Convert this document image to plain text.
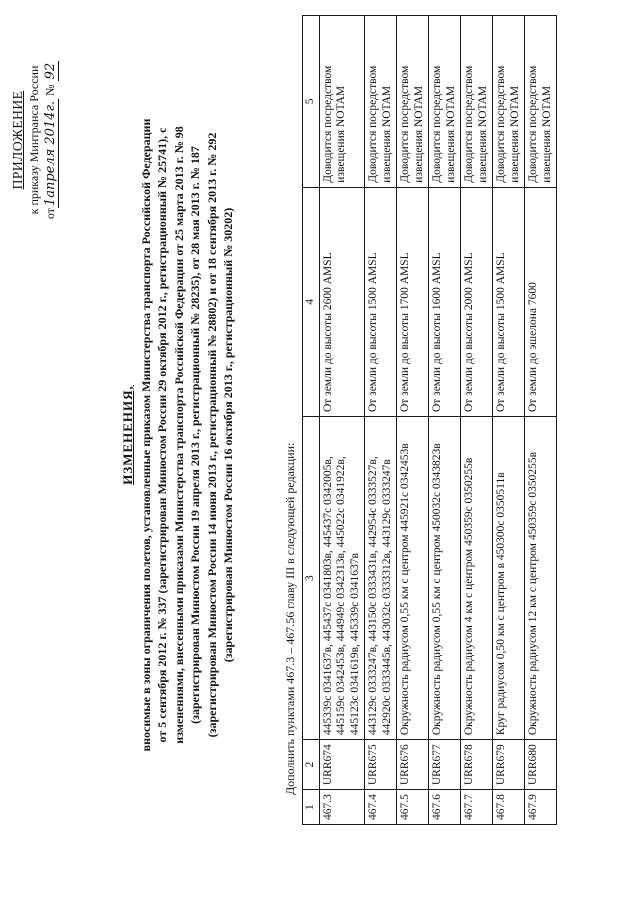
ПРИЛОЖЕНИЕ к приказу Минтранса России от1апреля 2014г. № 92
ИЗМЕНЕНИЯ, вносимые в зоны ограничения полетов, установленные приказом Министерства транспорта Российской Федерации от 5 сентября 2012 г. № 337 (зарегистрирован Минюстом России 29 октября 2012 г., регистрационный № 25741), с изменениями, внесенными приказами Министерства транспорта Российской Федерации от 25 марта 2013 г. № 98 (зарегистрирован Минюстом России 19 апреля 2013 г., регистрационный № 28235), от 28 мая 2013 г. № 187 (зарегистрирован Минюстом России 14 июня 2013 г., регистрационный № 28802) и от 18 сентября 2013 г. № 292 (зарегистрирован Минюстом России 16 октября 2013 г., регистрационный № 30202)	Дополнить пунктами 467.3 – 467.56 главу III в следующей редакции:
1	2	3	4	5
467.3	URR674	445339с 0341637в, 445437с 0341803в, 445437с 0342005в, 445159с 0342453в, 444949с 0342313в, 445022с 0341922в, 445123с 0341619в, 445339с 0341637в	От земли до высоты 2600 AMSL	Доводится посредством извещения NOTAM
467.4	URR675	443129с 0333247в, 443150с 0333431в, 442954с 0333527в, 442920с 0333445в, 443032с 0333312в, 443129с 0333247в	От земли до высоты 1500 AMSL	Доводится посредством извещения NOTAM
467.5	URR676	Окружность радиусом 0,55 км с центром 445921с 0342453в	От земли до высоты 1700 AMSL	Доводится посредством извещения NOTAM
467.6	URR677	Окружность радиусом 0,55 км с центром 450032с 0343823в	От земли до высоты 1600 AMSL	Доводится посредством извещения NOTAM
467.7	URR678	Окружность радиусом 4 км с центром 450359с 0350255в	От земли до высоты 2000 AMSL	Доводится посредством извещения NOTAM
467.8	URR679	Круг радиусом 0,50 км с центром в 450300с 0350511в	От земли до высоты 1500 AMSL	Доводится посредством извещения NOTAM
467.9	URR680	Окружность радиусом 12 км с центром 450359с 0350255в	От земли до эшелона 7600	Доводится посредством извещения NOTAM
